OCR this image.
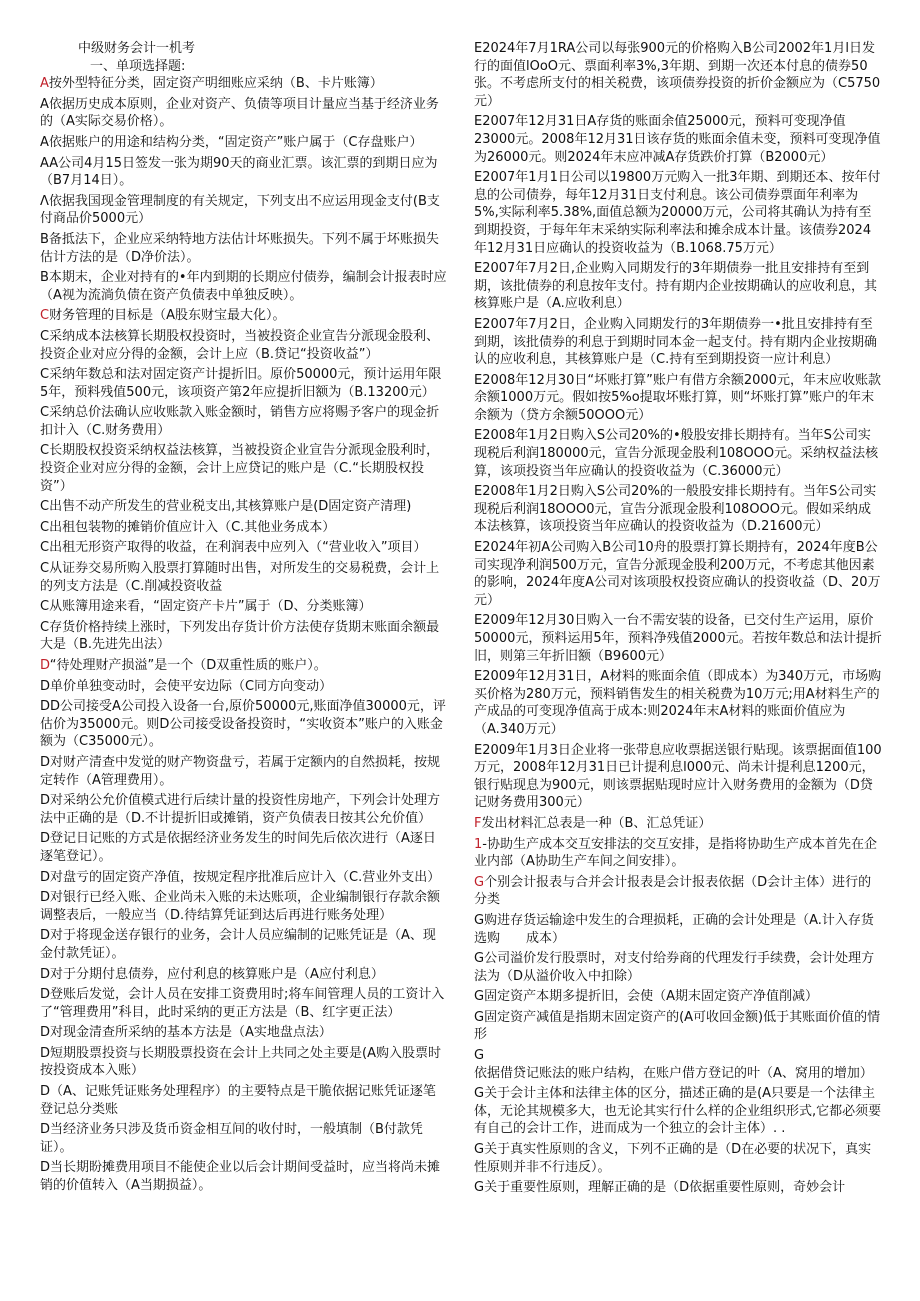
中级财务会计一机考
一、单项选择题:
A按外型特征分类，固定资产明细账应采纳（B、卡片账簿）
A依据历史成本原则，企业对资产、负债等项目计量应当基于经济业务的（A实际交易价格）。
A依据账户的用途和结构分类，“固定资产”账户属于（C存盘账户）
AA公司4月15日签发一张为期90天的商业汇票。该汇票的到期日应为（B7月14日）。
Λ依据我国现金管理制度的有关规定，下列支出不应运用现金支付(B支付商品价5000元）
B备抵法下，企业应采纳特地方法估计坏账损失。下列不属于坏账损失估计方法的是（D净价法）。
B本期末，企业对持有的•年内到期的长期应付债券，编制会计报表时应（A视为流淌负债在资产负债表中单独反映）。
C财务管理的目标是（A股东财宝最大化）。
C采纳成本法核算长期股权投资时，当被投资企业宣告分派现金股利、投资企业对应分得的金额，会计上应（B.贷记“投资收益”）
C采纳年数总和法对固定资产计提折旧。原价50000元，预计运用年限5年，预料残值500元，该项资产第2年应提折旧额为（B.13200元）
C采纳总价法确认应收账款入账金额时，销售方应将赐予客户的现金折扣计入（C.财务费用）
C长期股权投资采纳权益法核算，当被投资企业宣告分派现金股利时，投资企业对应分得的金额，会计上应贷记的账户是（C.“长期股权投资”）
C出售不动产所发生的营业税支出,其核算账户是(D固定资产清理)
C出租包装物的摊销价值应计入（C.其他业务成本）
C出租无形资产取得的收益，在利润表中应列入（“营业收入”项目）
C从证券交易所购入股票打算随时出售，对所发生的交易税费，会计上的列支方法是（C.削减投资收益
C从账簿用途来看，“固定资产卡片”属于（D、分类账簿）
C存货价格持续上涨时，下列发出存货计价方法使存货期末账面余额最大是（B.先进先出法）
D“待处理财产损溢”是一个（D双重性质的账户）。
D单价单独变动时，会使平安边际（C同方向变动）
DD公司接受A公司投入设备一台,原价50000元,账面净值30000元，评估价为35000元。则D公司接受设备投资时，“实收资本”账户的入账金额为（C35000元）。
D对财产清查中发觉的财产物资盘亏，若属于定额内的自然损耗，按规定转作（A管理费用）。
D对采纳公允价值模式进行后续计量的投资性房地产，下列会计处理方法中正确的是（D.不计提折旧或摊销，资产负债表日按其公允价值）
D登记日记账的方式是依据经济业务发生的时间先后依次进行（A逐日逐笔登记）。
D对盘亏的固定资产净值，按规定程序批准后应计入（C.营业外支出）
D对银行已经入账、企业尚未入账的未达账项，企业编制银行存款余额调整表后，一般应当（D.待结算凭证到达后再进行账务处理）
D对于将现金送存银行的业务，会计人员应编制的记账凭证是（A、现金付款凭证）。
D对于分期付息债券，应付利息的核算账户是（A应付利息）
D登账后发觉，会计人员在安排工资费用时;将车间管理人员的工资计入了“管理费用”科目，此时采纳的更正方法是（B、红字更正法）
D对现金清查所采纳的基本方法是（A实地盘点法）
D短期股票投资与长期股票投资在会计上共同之处主要是(A购入股票时按投资成本入账）
D（A、记账凭证账务处理程序）的主要特点是干脆依据记账凭证逐笔登记总分类账
D当经济业务只涉及货币资金相互间的收付时，一般填制（B付款凭证）。
D当长期盼摊费用项目不能使企业以后会计期间受益时，应当将尚未摊销的价值转入（A当期损益）。
E2024年7月1RA公司以每张900元的价格购入B公司2002年1月l日发行的面值lOoO元、票面利率3%,3年期、到期一次还本付息的债券50张。不考虑所支付的相关税费，该项债券投资的折价金额应为（C5750元）
E2007年12月31日A存货的账面余值25000元，预料可变现净值23000元。2008年12月31日该存货的账面余值未变，预料可变现净值为26000元。则2024年末应冲减A存货跌价打算（B2000元）
E2007年1月1日公司以19800万元购入一批3年期、到期还本、按年付息的公司债券，每年12月31日支付利息。该公司债券票面年利率为5%,实际利率5.38%,面值总额为20000万元，公司将其确认为持有至到期投资，于每年年末采纳实际利率法和摊余成本计量。该债券2024年12月31日应确认的投资收益为（B.1068.75万元）
E2007年7月2日,企业购入同期发行的3年期债券一批且安排持有至到期，该批债券的利息按年支付。持有期内企业按期确认的应收利息，其核算账户是（A.应收利息）
E2007年7月2日，企业购入同期发行的3年期债券一•批且安排持有至到期，该批债券的利息于到期时同本金一起支付。持有期内企业按期确认的应收利息，其核算账户是（C.持有至到期投资一应计利息）
E2008年12月30日“坏账打算”账户有借方余额2000元，年末应收账款余额1000万元。假如按5%o提取坏账打算，则“坏账打算”账户的年末余额为（贷方余额50OOO元）
E2008年1月2日购入S公司20%的•般股安排长期持有。当年S公司实现税后利润180000元，宣告分派现金股利108OOO元。采纳权益法核算，该项投资当年应确认的投资收益为（C.36000元）
E2008年1月2日购入S公司20%的一般股安排长期持有。当年S公司实现税后利润18OOO0元，宣告分派现金股利108OOO元。假如采纳成本法核算，该项投资当年应确认的投资收益为（D.21600元）
E2024年初A公司购入B公司10舟的股票打算长期持有，2024年度B公司实现净利润500万元，宣告分派现金股利200万元，不考虑其他因素的影响，2024年度A公司对该项股权投资应确认的投资收益（D、20万元）
E2009年12月30日购入一台不需安装的设备，已交付生产运用，原价50000元，预料运用5年，预料净残值2000元。若按年数总和法计提折旧，则第三年折旧额（B9600元）
E2009年12月31日，A材料的账面余值（即成本）为340万元，市场购买价格为280万元，预料销售发生的相关税费为10万元;用A材料生产的产成品的可变现净值高于成本:则2024年末A材料的账面价值应为（A.340万元）
E2009年1月3日企业将一张带息应收票据送银行贴现。该票据面值100万元，2008年12月31日已计提利息l000元、尚未计提利息1200元，银行贴现息为900元，则该票据贴现时应计入财务费用的金额为（D贷记财务费用300元）
F发出材料汇总表是一种（B、汇总凭证）
1-协助生产成本交互安排法的交互安排，是指将协助生产成本首先在企业内部（A协助生产车间之间安排）。
G个别会计报表与合并会计报表是会计报表依据（D会计主体）进行的分类
G购进存货运输途中发生的合理损耗，正确的会计处理是（A.计入存货选购　　成本）
G公司溢价发行股票时，对支付给券商的代理发行手续费，会计处理方法为（D从溢价收入中扣除）
G固定资产本期多提折旧，会使（A期末固定资产净值削减）
G固定资产减值是指期末固定资产的(A可收回金额)低于其账面价值的情形
G依据借贷记账法的账户结构，在账户借方登记的叶（A、窝用的增加）
G关于会计主体和法律主体的区分，描述正确的是(A只要是一个法律主体，无论其规模多大，也无论其实行什么样的企业组织形式,它都必须要有自己的会计工作，进而成为一个独立的会计主体）. .
G关于真实性原则的含义，下列不正确的是（D在必要的状况下，真实性原则并非不行违反）。
G关于重要性原则，理解正确的是（D依据重要性原则，奇妙会计
